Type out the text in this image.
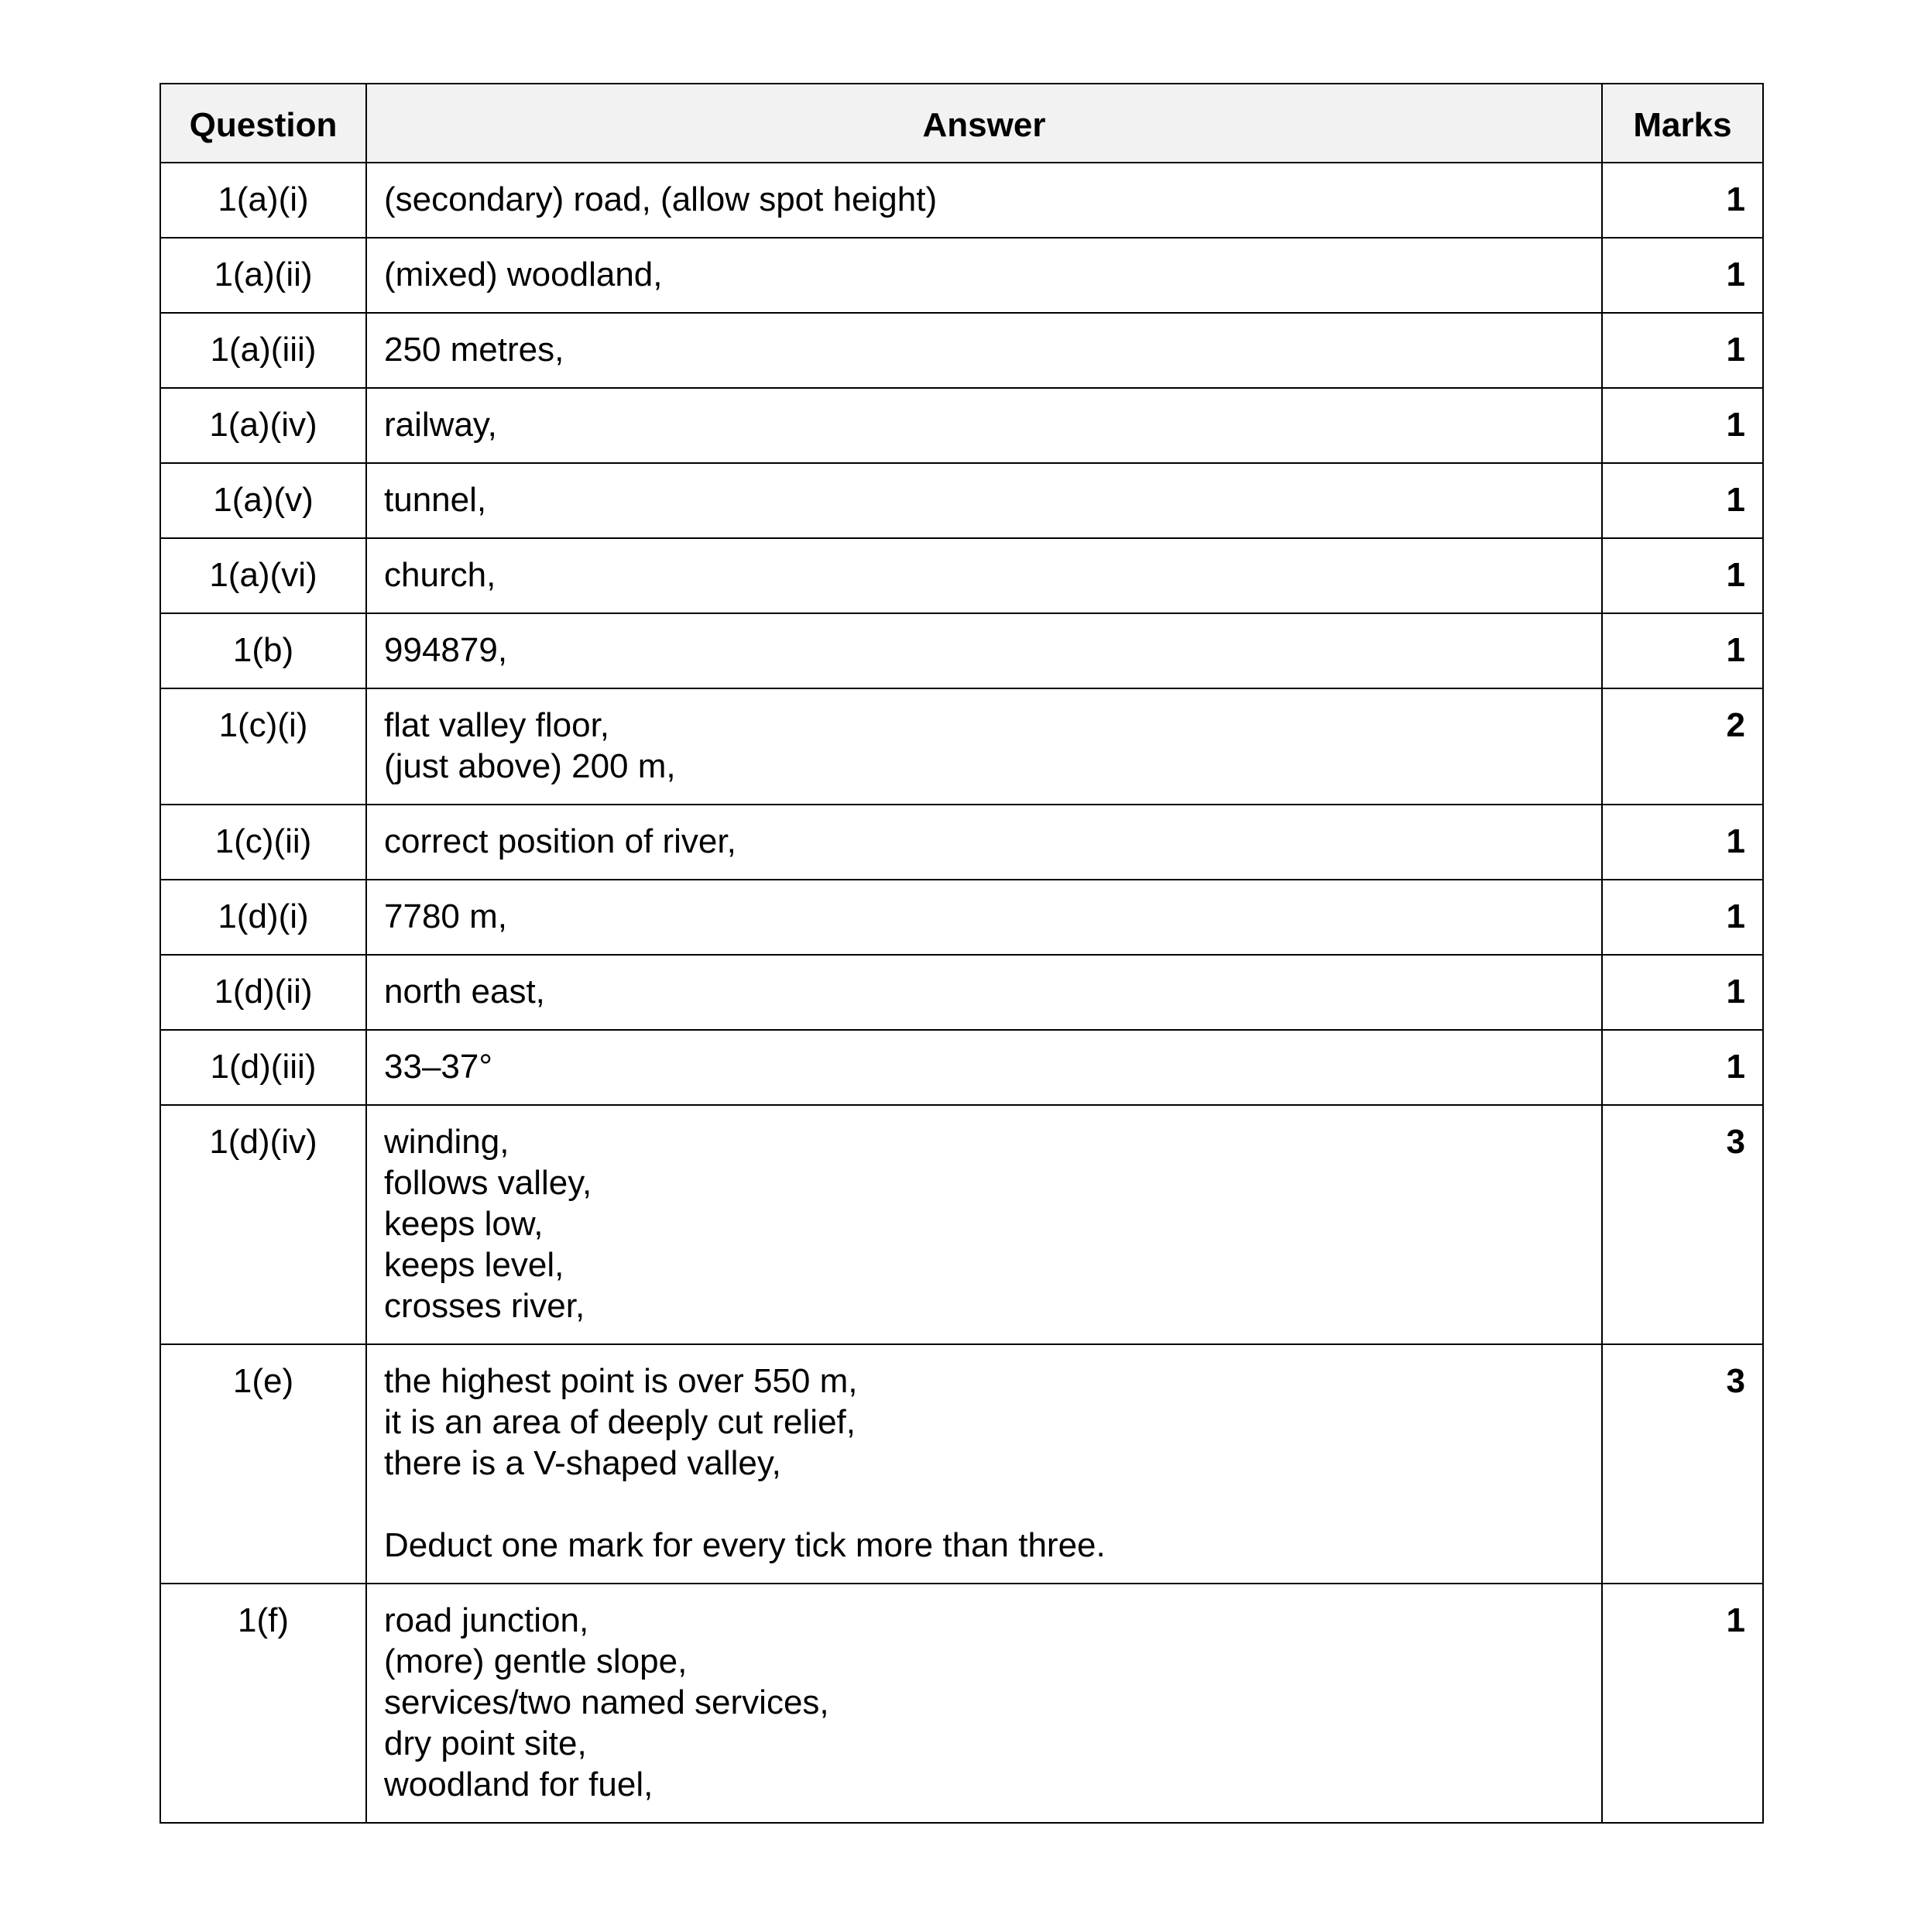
Question	Answer	Marks
1(a)(i)	(secondary) road, (allow spot height)	1
1(a)(ii)	(mixed) woodland,	1
1(a)(iii)	250 metres,	1
1(a)(iv)	railway,	1
1(a)(v)	tunnel,	1
1(a)(vi)	church,	1
1(b)	994879,	1
1(c)(i)	flat valley floor,
(just above) 200 m,	2
1(c)(ii)	correct position of river,	1
1(d)(i)	7780 m,	1
1(d)(ii)	north east,	1
1(d)(iii)	33–37°	1
1(d)(iv)	winding,
follows valley,
keeps low,
keeps level,
crosses river,	3
1(e)	the highest point is over 550 m,
it is an area of deeply cut relief,
there is a V-shaped valley,
Deduct one mark for every tick more than three.	3
1(f)	road junction,
(more) gentle slope,
services/two named services,
dry point site,
woodland for fuel,	1
